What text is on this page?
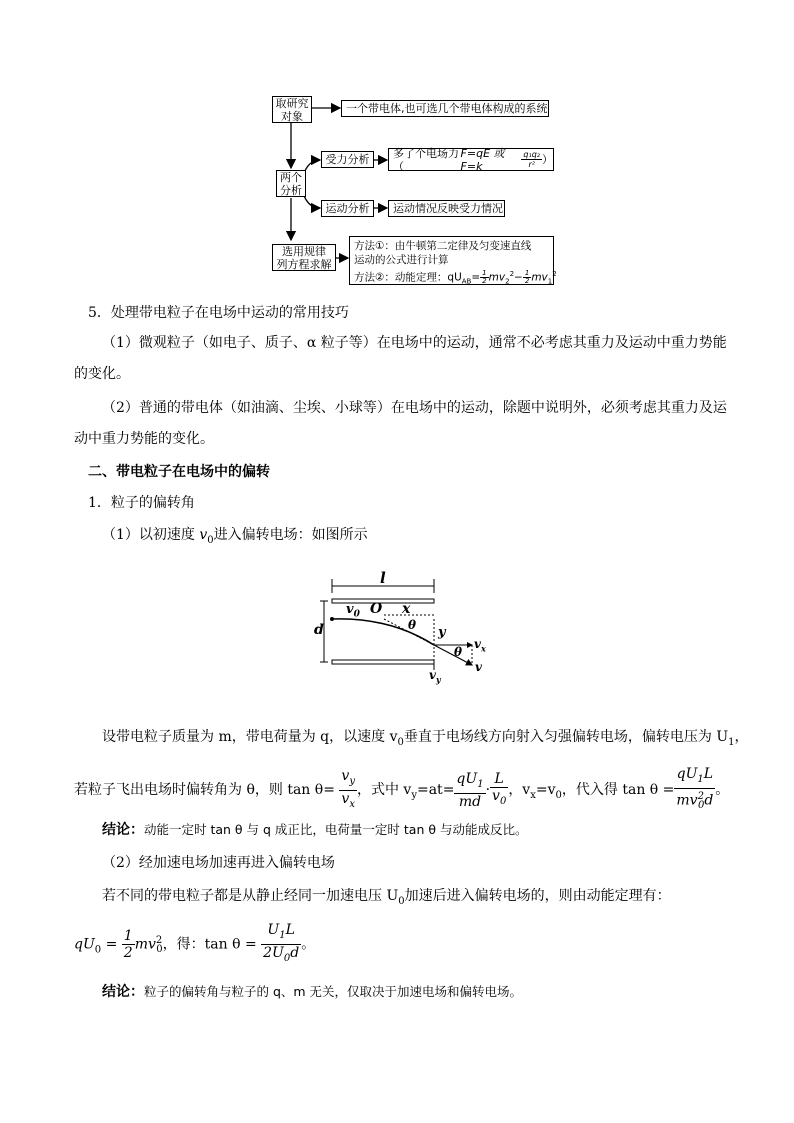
取研究
对象
一个带电体,也可选几个带电体构成的系统
两个
分析
受力分析	多了个电场力（
F=qE 或 F=k	$\frac{\text{q₁q₂}}{\text{r²}}$ ）
运动分析	运动情况反映受力情况
选用规律
列方程求解
方法①：由牛顿第二定律及匀变速直线
运动的公式进行计算
方法②：动能定理：$qU_{AB}= \frac{1}{2} mv_2^2- \frac{1}{2} mv_1^2$
5．处理带电粒子在电场中运动的常用技巧
（1）微观粒子（如电子、质子、α 粒子等）在电场中的运动，通常不必考虑其重力及运动中重力势能
的变化。
（2）普通的带电体（如油滴、尘埃、小球等）在电场中的运动，除题中说明外，必须考虑其重力及运
动中重力势能的变化。
二、带电粒子在电场中的偏转
1．粒子的偏转角
（1）以初速度 $v_0$进入偏转电场：如图所示
l
d
$v_0$ O x
θ y
θ
$v_x$
v
$v_y$
设带电粒子质量为 m，带电荷量为 q，以速度 $v_0$垂直于电场线方向射入匀强偏转电场，偏转电压为 $U_1$，
若粒子飞出电场时偏转角为 θ，则 $\tan \theta= \frac{v_y}{v_x}$ ，式中 $v_y=at= \frac{qU_1}{md} \cdot \frac{L}{v_0}$ ，$v_x=v_0$，代入得 $\tan \theta = \frac{qU_1L}{mv^2_0d}$ 。
结论：动能一定时 tan θ 与 q 成正比，电荷量一定时 tan θ 与动能成反比。
（2）经加速电场加速再进入偏转电场
若不同的带电粒子都是从静止经同一加速电压 $U_0$加速后进入偏转电场的，则由动能定理有：
$qU_0 = \frac{1}{2} mv^2_0$，得：$\tan \theta = \frac{U_1L}{2U_0d}$ 。
结论：粒子的偏转角与粒子的 q、m 无关，仅取决于加速电场和偏转电场。
